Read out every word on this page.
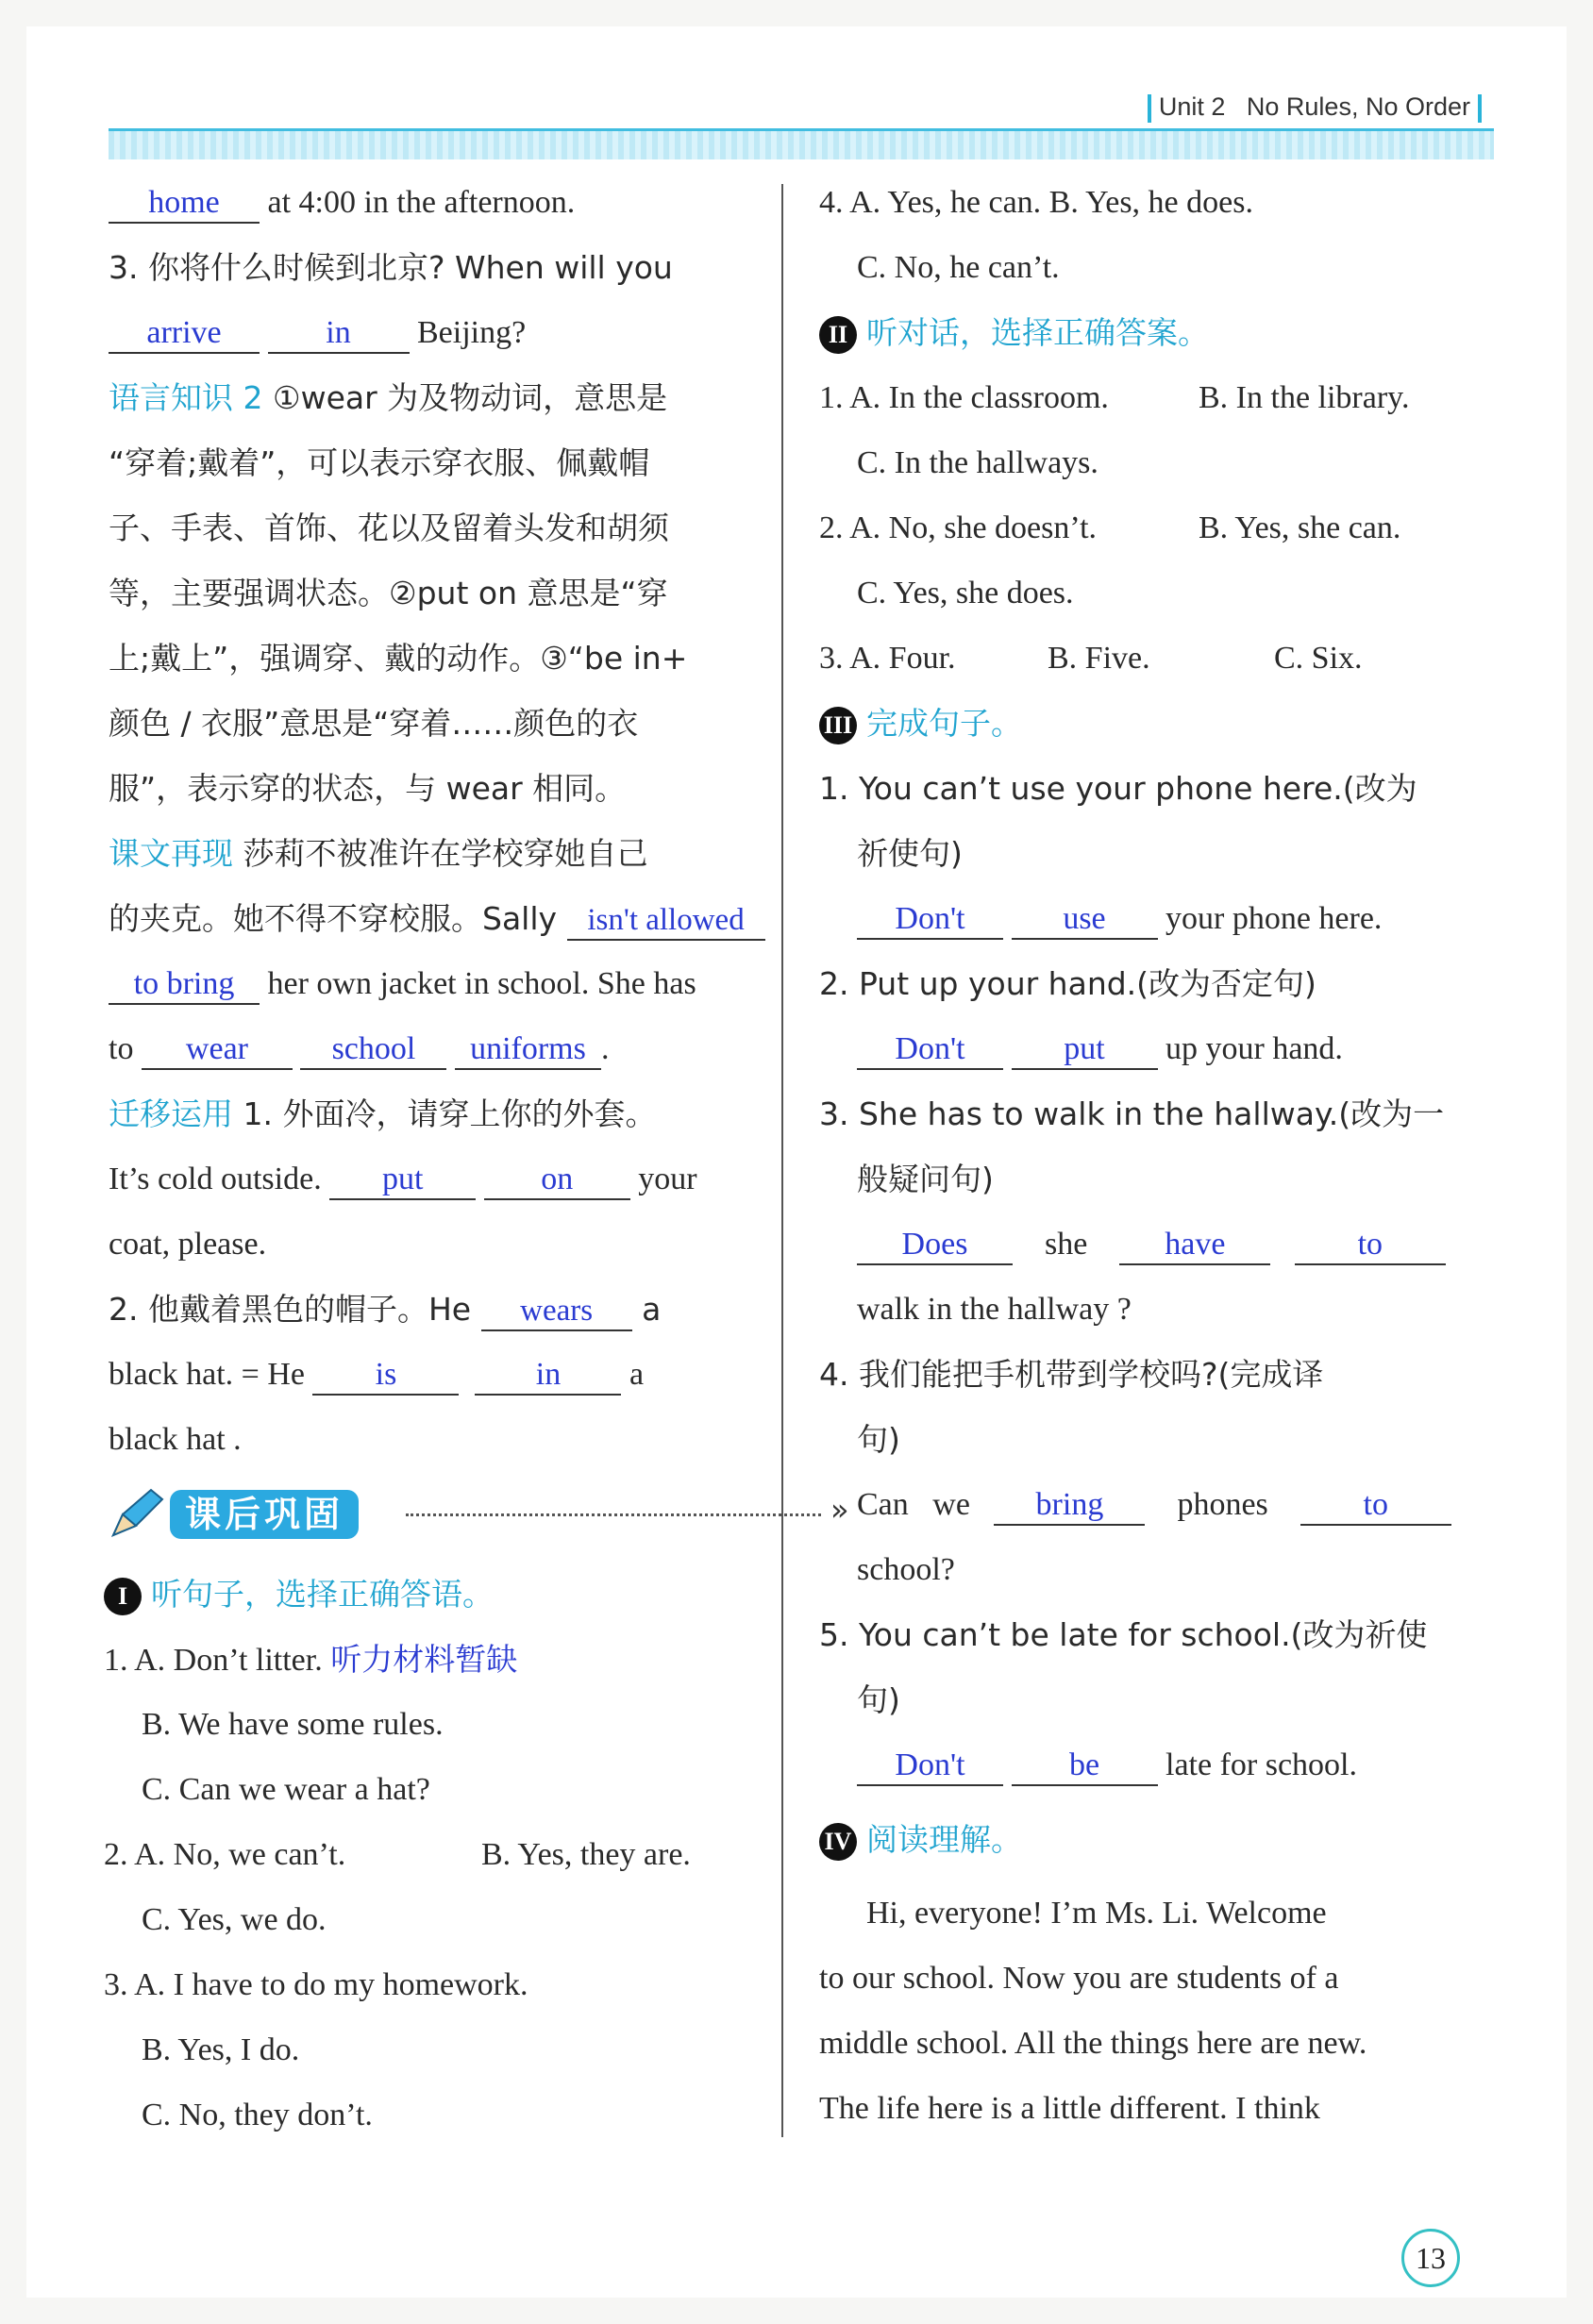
Unit 2 No Rules, No Order
home at 4:00 in the afternoon.
3. 你将什么时候到北京? When will you
arrive	in Beijing?
语言知识 2 ①wear 为及物动词，意思是
“穿着;戴着”，可以表示穿衣服、佩戴帽
子、手表、首饰、花以及留着头发和胡须
等，主要强调状态。②put on 意思是“穿
上;戴上”，强调穿、戴的动作。③“be in+
颜色 / 衣服”意思是“穿着……颜色的衣
服”，表示穿的状态，与 wear 相同。
课文再现 莎莉不被准许在学校穿她自己
的夹克。她不得不穿校服。Sally isn't allowed
to bring her own jacket in school. She has
to wear	school uniforms .
迁移运用 1. 外面冷，请穿上你的外套。
It’s cold outside. put	on your
coat, please.
2. 他戴着黑色的帽子。He wears a
black hat. = He is	in a
black hat .
课后巩固	»
I 听句子，选择正确答语。
1. A. Don’t litter. 听力材料暂缺
B. We have some rules.
C. Can we wear a hat?
2. A. No, we can’t.	B. Yes, they are.
C. Yes, we do.
3. A. I have to do my homework.
B. Yes, I do.
C. No, they don’t.
4. A. Yes, he can. B. Yes, he does.
C. No, he can’t.
II 听对话，选择正确答案。
1. A. In the classroom.	B. In the library.
C. In the hallways.
2. A. No, she doesn’t.	B. Yes, she can.
C. Yes, she does.
3. A. Four.	B. Five.	C. Six.
III 完成句子。
1. You can’t use your phone here.(改为
祈使句)
Don't	use your phone here.
2. Put up your hand.(改为否定句)
Don't	put up your hand.
3. She has to walk in the hallway.(改为一
般疑问句)
Does she have	to
walk in the hallway ?
4. 我们能把手机带到学校吗?(完成译
句)
Can we bring phones	to
school?
5. You can’t be late for school.(改为祈使
句)
Don't	be late for school.
IV 阅读理解。
Hi, everyone! I’m Ms. Li. Welcome
to our school. Now you are students of a
middle school. All the things here are new.
The life here is a little different. I think
13
